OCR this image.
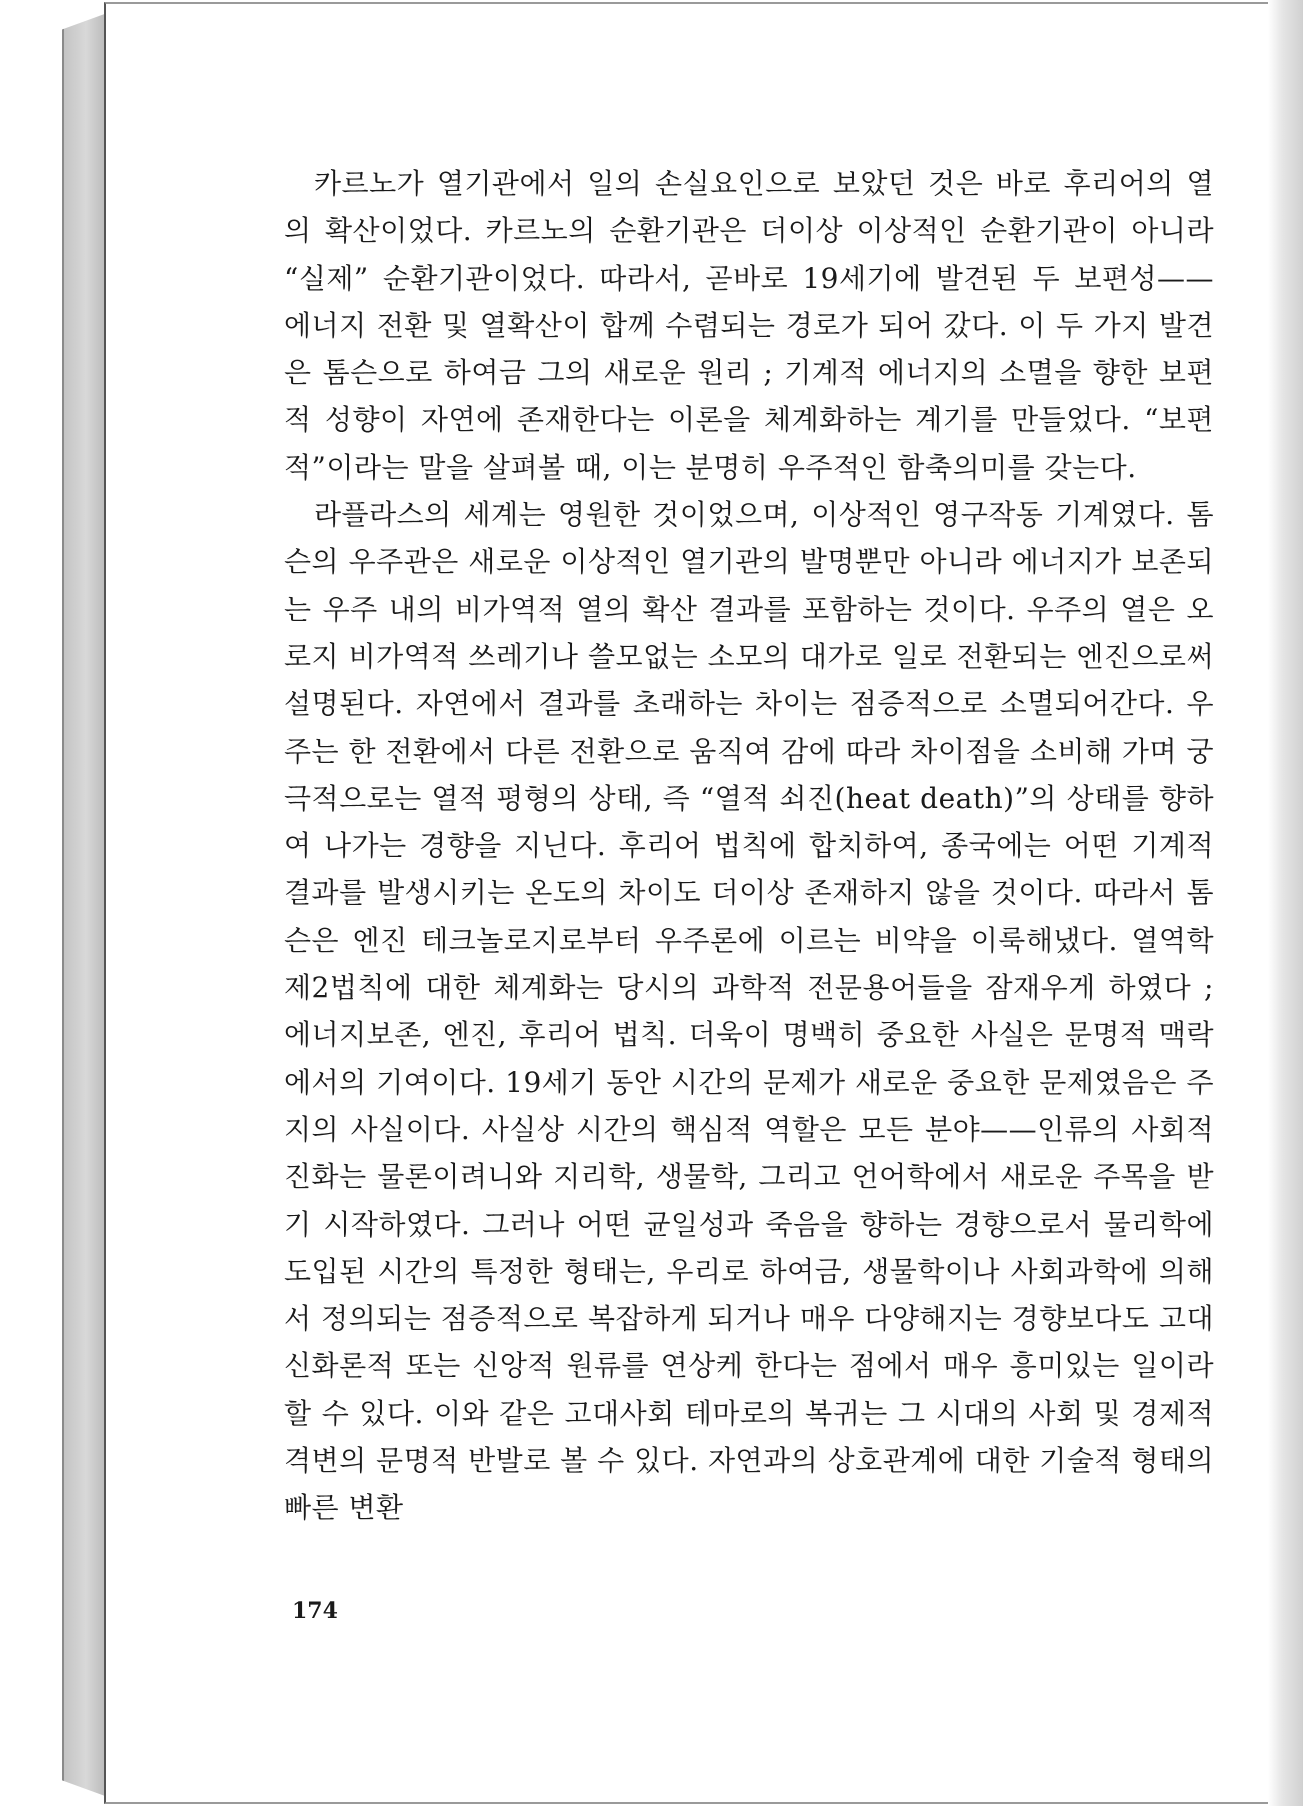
카르노가 열기관에서 일의 손실요인으로 보았던 것은 바로 후리어의 열의 확산이었다. 카르노의 순환기관은 더이상 이상적인 순환기관이 아니라 “실제” 순환기관이었다. 따라서, 곧바로 19세기에 발견된 두 보편성—— 에너지 전환 및 열확산이 합께 수렴되는 경로가 되어 갔다. 이 두 가지 발견은 톰슨으로 하여금 그의 새로운 원리 ; 기계적 에너지의 소멸을 향한 보편적 성향이 자연에 존재한다는 이론을 체계화하는 계기를 만들었다. “보편적”이라는 말을 살펴볼 때, 이는 분명히 우주적인 함축의미를 갖는다.

라플라스의 세계는 영원한 것이었으며, 이상적인 영구작동 기계였다. 톰슨의 우주관은 새로운 이상적인 열기관의 발명뿐만 아니라 에너지가 보존되는 우주 내의 비가역적 열의 확산 결과를 포함하는 것이다. 우주의 열은 오로지 비가역적 쓰레기나 쓸모없는 소모의 대가로 일로 전환되는 엔진으로써 설명된다. 자연에서 결과를 초래하는 차이는 점증적으로 소멸되어간다. 우주는 한 전환에서 다른 전환으로 움직여 감에 따라 차이점을 소비해 가며 궁극적으로는 열적 평형의 상태, 즉 “열적 쇠진(heat death)”의 상태를 향하여 나가는 경향을 지닌다. 후리어 법칙에 합치하여, 종국에는 어떤 기계적 결과를 발생시키는 온도의 차이도 더이상 존재하지 않을 것이다. 따라서 톰슨은 엔진 테크놀로지로부터 우주론에 이르는 비약을 이룩해냈다. 열역학 제2법칙에 대한 체계화는 당시의 과학적 전문용어들을 잠재우게 하였다 ; 에너지보존, 엔진, 후리어 법칙. 더욱이 명백히 중요한 사실은 문명적 맥락에서의 기여이다. 19세기 동안 시간의 문제가 새로운 중요한 문제였음은 주지의 사실이다. 사실상 시간의 핵심적 역할은 모든 분야——인류의 사회적 진화는 물론이려니와 지리학, 생물학, 그리고 언어학에서 새로운 주목을 받기 시작하였다. 그러나 어떤 균일성과 죽음을 향하는 경향으로서 물리학에 도입된 시간의 특정한 형태는, 우리로 하여금, 생물학이나 사회과학에 의해서 정의되는 점증적으로 복잡하게 되거나 매우 다양해지는 경향보다도 고대 신화론적 또는 신앙적 원류를 연상케 한다는 점에서 매우 흥미있는 일이라 할 수 있다. 이와 같은 고대사회 테마로의 복귀는 그 시대의 사회 및 경제적 격변의 문명적 반발로 볼 수 있다. 자연과의 상호관계에 대한 기술적 형태의 빠른 변환

174
